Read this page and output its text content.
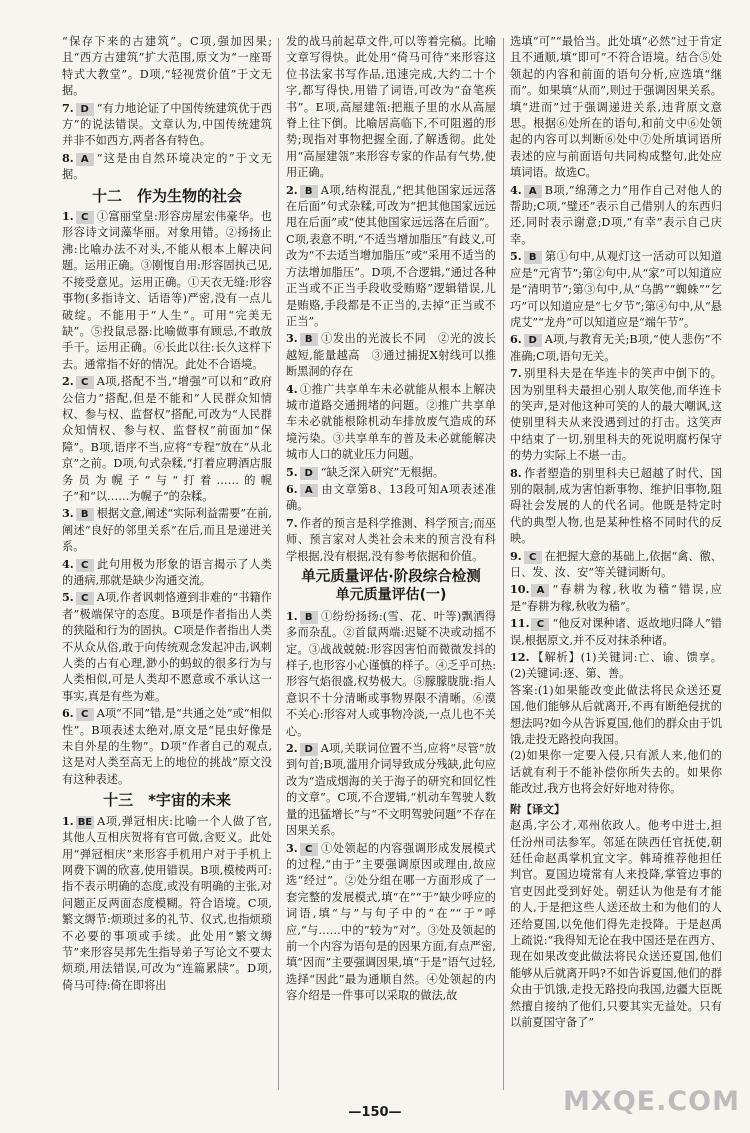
“保存下来的古建筑”。C项,强加因果;且“西方古建筑”扩大范围,原文为“一座哥特式大教堂”。D项,“轻视赏价值”于文无据。

7. D “有力地论证了中国传统建筑优于西方”的说法错误。文章认为,中国传统建筑并非不如西方,两者各有特色。

8. A “这是由自然环境决定的”于文无据。

十二　作为生物的社会

1. C ①富丽堂皇:形容房屋宏伟豪华。也形容诗文词藻华丽。对象用错。②扬扬止沸:比喻办法不对头,不能从根本上解决问题。运用正确。③刚愎自用:形容固执己见,不接受意见。运用正确。①天衣无缝:形容事物(多指诗文、话语等)严密,没有一点儿破绽。不能用于“人生”。可用“完美无缺”。⑤投鼠忌器:比喻做事有顾忌,不敢放手干。运用正确。⑥长此以往:长久这样下去。通常指不好的情况。此处不合语境。

2. C A项,搭配不当,“增强”可以和“政府公信力”搭配,但是不能和“人民群众知情权、参与权、监督权”搭配,可改为“人民群众知情权、参与权、监督权”前面加“保障”。B项,语序不当,应将“专程”放在“从北京”之前。D项,句式杂糅,“打着应聘酒店服务员为幌子”与“打着……的幌子”和“以……为幌子”的杂糅。

3. B 根据文意,阐述“实际利益需要”在前,阐述“良好的邻里关系”在后,而且是递进关系。

4. C 此句用极为形象的语言揭示了人类的通病,那就是缺少沟通交流。

5. C A项,作者讽刺恪遵到非难的“书籍作者”极端保守的态度。B项是作者指出人类的狭隘和行为的固执。C项是作者指出人类不从众从俗,敢于向传统观念发起冲击,讽刺人类的占有心理,渺小的蚂蚁的很多行为与人类相似,可是人类却不愿意或不承认这一事实,真是有些为难。

6. C A项“不同”错,是“共通之处”或“相似性”。B项表述太绝对,原文是“昆虫好像是未自外星的生物”。D项“作者自己的观点,这是对人类至高无上的地位的挑战”原文没有这种表述。

十三　*宇宙的未来

1. BE A项,弹冠相庆:比喻一个人做了官,其他人互相庆贺将有官可做,含贬义。此处用“弹冠相庆”来形容手机用户对于手机上网费下调的欣喜,使用错误。B项,模棱两可:指不表示明确的态度,或没有明确的主张,对问题正反两面态度模糊。符合语境。C项,繁文缛节:烦琐过多的礼节、仪式,也指烦琐不必要的事项或手续。此处用“繁文缛节”来形容吴邦先生指导弟子写论文不要太烦琐,用法错误,可改为“连篇累牍”。D项,倚马可待:倚在即将出

发的战马前起草文件,可以等着完稿。比喻文章写得快。此处用“倚马可待”来形容这位书法家书写作品,迅速完成,大约二十个字,都写得快,用错了词语,可改为“奋笔疾书”。E项,高屋建瓴:把瓶子里的水从高屋脊上往下倒。比喻居高临下,不可阻遏的形势;现指对事物把握全面,了解透彻。此处用“高屋建瓴”来形容专家的作品有气势,使用正确。

2. B A项,结构混乱,“把其他国家远远落在后面”句式杂糅,可改为“把其他国家远远甩在后面”或“使其他国家远远落在后面”。C项,表意不明,“不适当增加脂压”有歧义,可改为“不去适当增加脂压”或“采用不适当的方法增加脂压”。D项,不合逻辑,“通过各种正当或不正当手段收受贿赂”逻辑错误,儿是贿赂,手段都是不正当的,去掉“正当或不正当”。

3. B ①发出的光波长不同　②光的波长越短,能量越高　③通过捕捉X射线可以推断黑洞的存在

4. ①推广共享单车未必就能从根本上解决城市道路交通拥堵的问题。②推广共享单车未必就能根除机动车排放废气造成的环境污染。③共享单车的普及未必就能解决城市人口的就业压力问题。

5. D “缺乏深入研究”无根据。

6. A 由文章第8、13段可知A项表述准确。

7. 作者的预言是科学推测、科学预言;而巫师、预言家对人类社会未来的预言没有科学根据,没有根据,没有参考依据和价值。

单元质量评估·阶段综合检测
单元质量评估(一)

1. B ①纷纷扬扬:(雪、花、叶等)飘洒得多而杂乱。②首鼠两端:迟疑不决或动摇不定。③战战兢兢:形容因害怕而微微发抖的样子,也形容小心谨慎的样子。④乏乎可热:形容气焰很盛,权势极大。⑤朦朦胧胧:指人意识不十分清晰或事物界限不清晰。⑥漠不关心:形容对人或事物冷淡,一点儿也不关心。

2. D A项,关联词位置不当,应将“尽管”放到句首;B项,滥用介词导致成分残缺,此句应改为“造成烟海的关于海子的研究和回忆性的文章”。C项,不合逻辑,“机动车驾驶人数量的迅猛增长”与“不文明驾驶问题”不存在因果关系。

3. C ①处领起的内容强调形成发展模式的过程,“由于”主要强调原因或理由,故应选“经过”。②处分组在哪一方面形成了一套完整的发展模式,填“在”“于”缺少呼应的词语,填“与”与句子中的“在”“于”呼应,“与……中的”较为“对”。③处及领起的前一个内容为语句是的因果方面,有点严密,填“因而”主要强调因果,填“于是”语气过轻,选择“因此”最为通顺自然。④处领起的内容介绍是一件事可以采取的做法,故

选填“可”“最恰当。此处填“必然”过于肯定且不通顺,填“即可”不符合语境。结合⑤处领起的内容和前面的语句分析,应选填“继而”。如果填“从而”,则过于强调因果关系。填“进而”过于强调递进关系,违背原文意思。根据⑥处所在的语句,和前文中⑥处领起的内容可以判断⑥处中⑦处所填词语所表述的应与前面语句共同构成整句,此处应填词语。故选C。

4. A B项,“绵薄之力”用作自己对他人的帮助;C项,“璧还”表示自己借别人的东西归还,同时表示谢意;D项,“有幸”表示自己庆幸。

5. B 第①句中,从观灯这一活动可以知道应是“元宵节”;第②句中,从“家”可以知道应是“清明节”;第③句中,从“乌鹊”“蜘蛛”“乞巧”可以知道应是“七夕节”;第④句中,从“悬虎艾”“龙舟”可以知道应是“端午节”。

6. D A项,与教育无关;B项,“使人悲伤”不准确;C项,语句无关。

7. 别里科夫是在华连卡的笑声中倒下的。因为别里科夫最担心别人取笑他,而华连卡的笑声,是对他这种可笑的人的最大嘲讽,这使别里科夫从来没遇到过的打击。这笑声中结束了一切,别里科夫的死说明腐朽保守的势力实际上不堪一击。

8. 作者塑造的别里科夫已超越了时代、国别的限制,成为害怕新事物、维护旧事物,阻碍社会发展的人的代名词。他既是特定时代的典型人物,也是某种性格不同时代的反映。

9. C 在把握大意的基础上,依据“禽、徼、日、发、汝、安”等关键词断句。

10. A “春耕为稼,秋收为穑”错误,应是“春耕为稼,秋收为穑”。

11. C “他反对课种诸、返故地归降人”错误,根据原文,并不反对抹杀种诸。

12. 【解析】(1)关键词:亡、谕、馈享。(2)关键词:逐、第、善。

答案:(1)如果能改变此做法将民众送还夏国,他们能够从后就离开,不再有断绝侵扰的想法吗?如今从告诉夏国,他们的群众由于饥饿,走投无路投向我国。

(2)如果你一定要入侵,只有派人来,他们的话就有利于不能补偿你所失去的。如果你能改过,我方也将会好好地对待你。

附【译文】

赵禹,字公才,邓州依政人。他考中进士,担任汾州司法参军。邻延在陕西任官抚使,朝廷任命赵禹掌机宜文字。韩琦推荐他担任判官。夏国边境常有人来投降,掌管边事的官吏因此受到好处。朝廷认为他是有才能的人,于是把这些人送还故土和为他们的人还给夏国,以免他们得先走投降。于是赵禹上疏说:“我得知无论在我中国还是在西方、现在如果改变此做法将民众送还夏国,他们能够从后就离开吗?不如告诉夏国,他们的群众由于饥饿,走投无路投向我国,边疆大臣既然擅自接纳了他们,只要其实无益处。只有以前夏国守备了”

—150—	MXQE.COM
